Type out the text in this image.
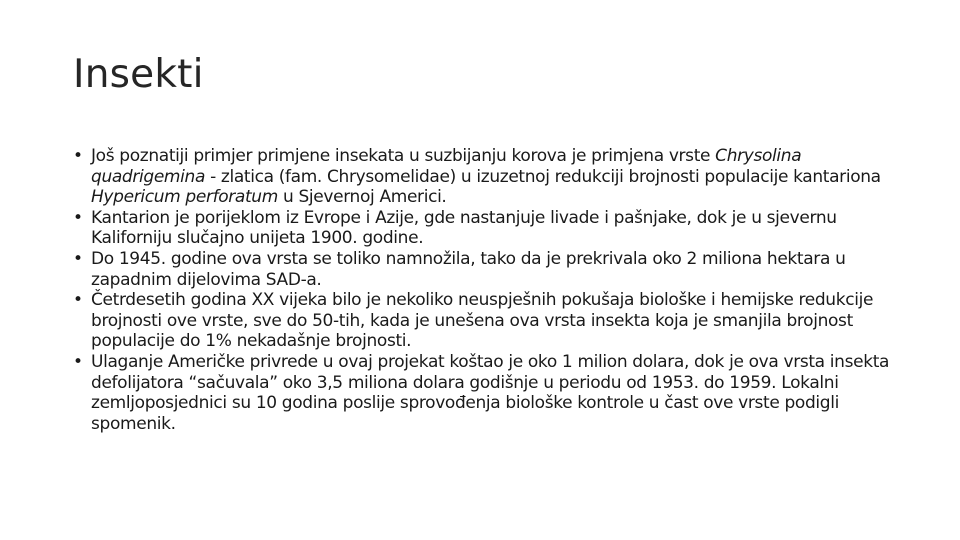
Insekti
• Još poznatiji primjer primjene insekata u suzbijanju korova je primjena vrste Chrysolina quadrigemina - zlatica (fam. Chrysomelidae) u izuzetnoj redukciji brojnosti populacije kantariona Hypericum perforatum u Sjevernoj Americi.
• Kantarion je porijeklom iz Evrope i Azije, gde nastanjuje livade i pašnjake, dok je u sjevernu Kaliforniju slučajno unijeta 1900. godine.
• Do 1945. godine ova vrsta se toliko namnožila, tako da je prekrivala oko 2 miliona hektara u zapadnim dijelovima SAD-a.
• Četrdesetih godina XX vijeka bilo je nekoliko neuspješnih pokušaja biološke i hemijske redukcije brojnosti ove vrste, sve do 50-tih, kada je unešena ova vrsta insekta koja je smanjila brojnost populacije do 1% nekadašnje brojnosti.
• Ulaganje Američke privrede u ovaj projekat koštao je oko 1 milion dolara, dok je ova vrsta insekta defolijatora “sačuvala” oko 3,5 miliona dolara godišnje u periodu od 1953. do 1959. Lokalni zemljoposjednici su 10 godina poslije sprovođenja biološke kontrole u čast ove vrste podigli spomenik.
